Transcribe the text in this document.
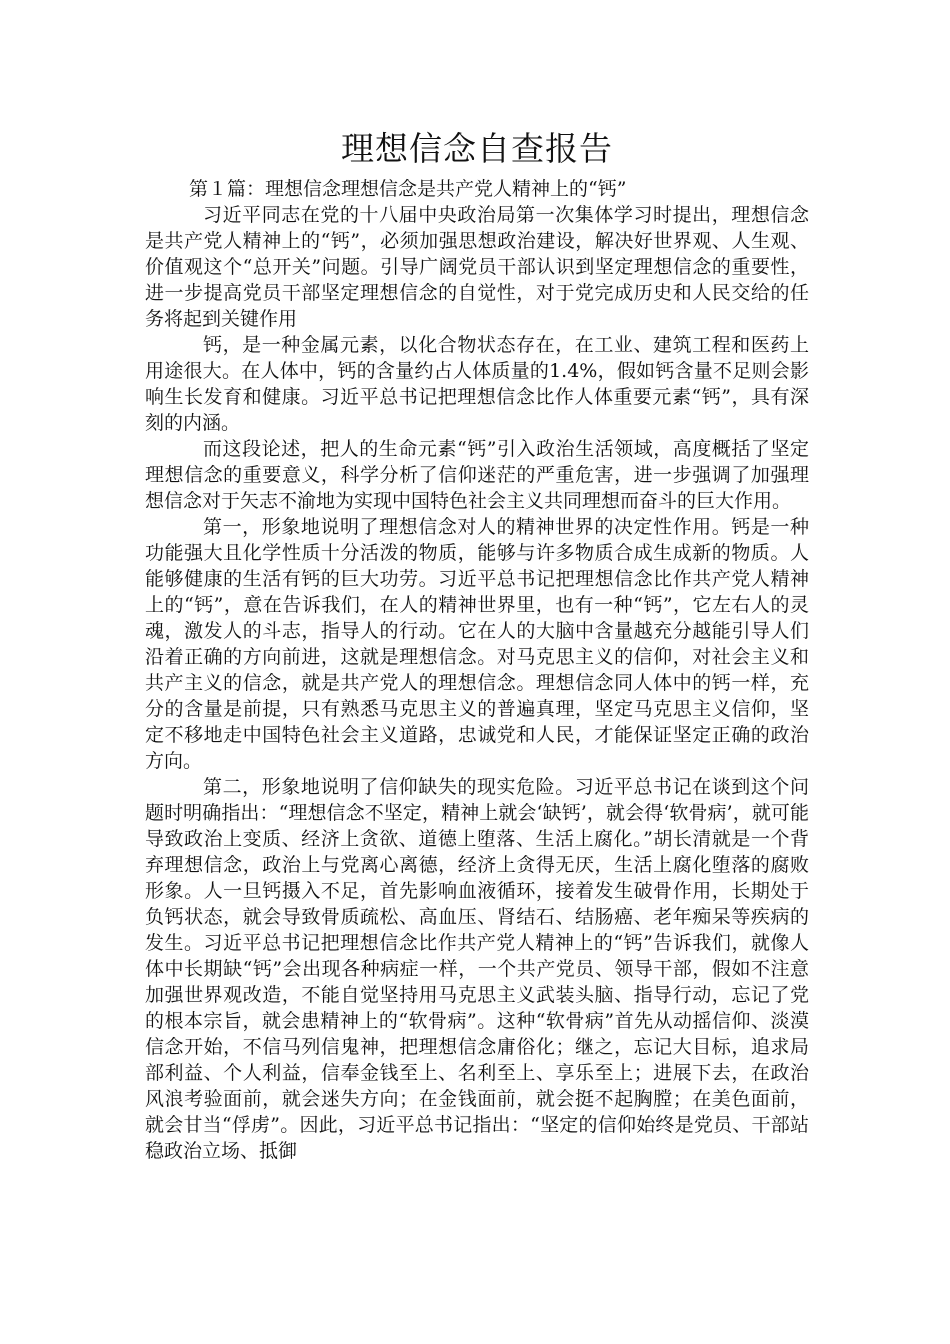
理想信念自查报告

第１篇：理想信念理想信念是共产党人精神上的“钙”

习近平同志在党的十八届中央政治局第一次集体学习时提出，理想信念是共产党人精神上的“钙”，必须加强思想政治建设，解决好世界观、人生观、价值观这个“总开关”问题。引导广阔党员干部认识到坚定理想信念的重要性，进一步提高党员干部坚定理想信念的自觉性，对于党完成历史和人民交给的任务将起到关键作用

钙，是一种金属元素，以化合物状态存在，在工业、建筑工程和医药上用途很大。在人体中，钙的含量约占人体质量的1.4%，假如钙含量不足则会影响生长发育和健康。习近平总书记把理想信念比作人体重要元素“钙”，具有深刻的内涵。

而这段论述，把人的生命元素“钙”引入政治生活领域，高度概括了坚定理想信念的重要意义，科学分析了信仰迷茫的严重危害，进一步强调了加强理想信念对于矢志不渝地为实现中国特色社会主义共同理想而奋斗的巨大作用。

第一，形象地说明了理想信念对人的精神世界的决定性作用。钙是一种功能强大且化学性质十分活泼的物质，能够与许多物质合成生成新的物质。人能够健康的生活有钙的巨大功劳。习近平总书记把理想信念比作共产党人精神上的“钙”，意在告诉我们，在人的精神世界里，也有一种“钙”，它左右人的灵魂，激发人的斗志，指导人的行动。它在人的大脑中含量越充分越能引导人们沿着正确的方向前进，这就是理想信念。对马克思主义的信仰，对社会主义和共产主义的信念，就是共产党人的理想信念。理想信念同人体中的钙一样，充分的含量是前提，只有熟悉马克思主义的普遍真理，坚定马克思主义信仰，坚定不移地走中国特色社会主义道路，忠诚党和人民，才能保证坚定正确的政治方向。

第二，形象地说明了信仰缺失的现实危险。习近平总书记在谈到这个问题时明确指出：“理想信念不坚定，精神上就会‘缺钙’，就会得‘软骨病’，就可能导致政治上变质、经济上贪欲、道德上堕落、生活上腐化。”胡长清就是一个背弃理想信念，政治上与党离心离德，经济上贪得无厌，生活上腐化堕落的腐败形象。人一旦钙摄入不足，首先影响血液循环，接着发生破骨作用，长期处于负钙状态，就会导致骨质疏松、高血压、肾结石、结肠癌、老年痴呆等疾病的发生。习近平总书记把理想信念比作共产党人精神上的“钙”告诉我们，就像人体中长期缺“钙”会出现各种病症一样，一个共产党员、领导干部，假如不注意加强世界观改造，不能自觉坚持用马克思主义武装头脑、指导行动，忘记了党的根本宗旨，就会患精神上的“软骨病”。这种“软骨病”首先从动摇信仰、淡漠信念开始，不信马列信鬼神，把理想信念庸俗化；继之，忘记大目标，追求局部利益、个人利益，信奉金钱至上、名利至上、享乐至上；进展下去，在政治风浪考验面前，就会迷失方向；在金钱面前，就会挺不起胸膛；在美色面前，就会甘当“俘虏”。因此，习近平总书记指出：“坚定的信仰始终是党员、干部站稳政治立场、抵御
